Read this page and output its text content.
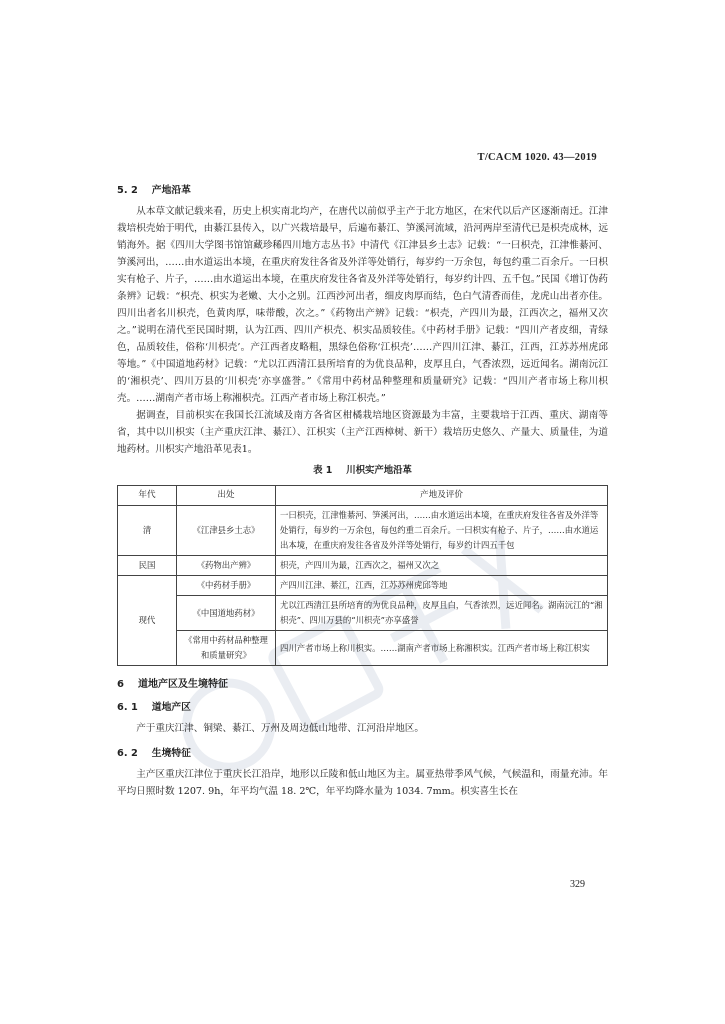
T/CACM 1020. 43—2019
5. 2 产地沿革

从本草文献记载来看，历史上枳实南北均产，在唐代以前似乎主产于北方地区，在宋代以后产区逐渐南迁。江津栽培枳壳始于明代，由綦江县传入，以广兴栽培最早，后遍布綦江、笋溪河流域，沿河两岸至清代已是枳壳成林，远销海外。据《四川大学图书馆馆藏珍稀四川地方志丛书》中清代《江津县乡土志》记载：“一曰枳壳，江津惟綦河、笋溪河出，……由水道运出本境，在重庆府发往各省及外洋等处销行，每岁约一万余包，每包约重二百余斤。一曰枳实有枪子、片子，……由水道运出本境，在重庆府发往各省及外洋等处销行，每岁约计四、五千包。”民国《增订伪药条辨》记载：“枳壳、枳实为老嫩、大小之别。江西沙河出者，细皮肉厚而结，色白气清香而佳，龙虎山出者亦佳。四川出者名川枳壳，色黄肉厚，味带酸，次之。”《药物出产辨》记载：“枳壳，产四川为最，江西次之，福州又次之。”说明在清代至民国时期，认为江西、四川产枳壳、枳实品质较佳。《中药材手册》记载：“四川产者皮细，青绿色，品质较佳，俗称‘川枳壳’。产江西者皮略粗，黑绿色俗称‘江枳壳’……产四川江津、綦江，江西，江苏苏州虎邱等地。”《中国道地药材》记载：“尤以江西清江县所培育的为优良品种，皮厚且白，气香浓烈，远近闻名。湖南沅江的‘湘枳壳’、四川万县的‘川枳壳’亦享盛誉。”《常用中药材品种整理和质量研究》记载：“四川产者市场上称川枳壳。……湖南产者市场上称湘枳壳。江西产者市场上称江枳壳。”

据调查，目前枳实在我国长江流域及南方各省区柑橘栽培地区资源最为丰富，主要栽培于江西、重庆、湖南等省，其中以川枳实（主产重庆江津、綦江）、江枳实（主产江西樟树、新干）栽培历史悠久、产量大、质量佳，为道地药材。川枳实产地沿革见表1。

表 1 川枳实产地沿革
年代	出处	产地及评价
清	《江津县乡土志》	一曰枳壳，江津惟綦河、笋溪河出，……由水道运出本境，在重庆府发往各省及外洋等处销行，每岁约一万余包，每包约重二百余斤。一曰枳实有枪子、片子，……由水道运出本境，在重庆府发往各省及外洋等处销行，每岁约计四五千包
民国	《药物出产辨》	枳壳，产四川为最，江西次之，福州又次之
现代	《中药材手册》	产四川江津、綦江，江西，江苏苏州虎邱等地
	《中国道地药材》	尤以江西清江县所培育的为优良品种，皮厚且白，气香浓烈，远近闻名。湖南沅江的“湘枳壳”、四川万县的“川枳壳”亦享盛誉
	《常用中药材品种整理和质量研究》	四川产者市场上称川枳实。……湖南产者市场上称湘枳实。江西产者市场上称江枳实
6 道地产区及生境特征
6. 1 道地产区

产于重庆江津、铜梁、綦江、万州及周边低山地带、江河沿岸地区。

6. 2 生境特征

主产区重庆江津位于重庆长江沿岸，地形以丘陵和低山地区为主。属亚热带季风气候，气候温和，雨量充沛。年平均日照时数 1207. 9h，年平均气温 18. 2℃，年平均降水量为 1034. 7mm。枳实喜生长在

329
